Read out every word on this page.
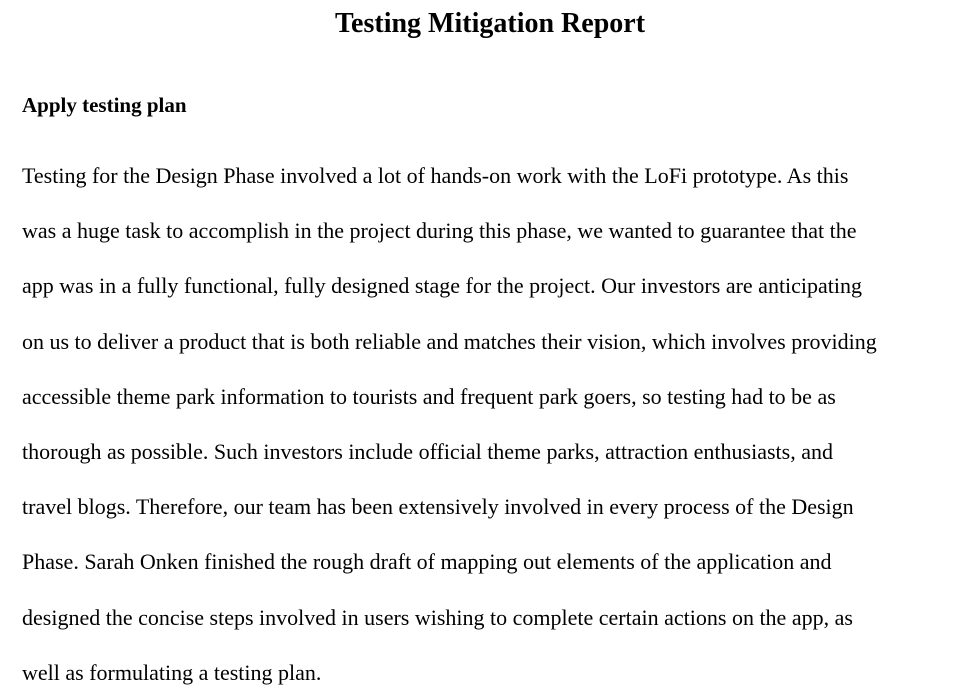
Testing Mitigation Report
Apply testing plan

Testing for the Design Phase involved a lot of hands-on work with the LoFi prototype. As this
was a huge task to accomplish in the project during this phase, we wanted to guarantee that the
app was in a fully functional, fully designed stage for the project. Our investors are anticipating
on us to deliver a product that is both reliable and matches their vision, which involves providing
accessible theme park information to tourists and frequent park goers, so testing had to be as
thorough as possible. Such investors include official theme parks, attraction enthusiasts, and
travel blogs. Therefore, our team has been extensively involved in every process of the Design
Phase. Sarah Onken finished the rough draft of mapping out elements of the application and
designed the concise steps involved in users wishing to complete certain actions on the app, as
well as formulating a testing plan.
